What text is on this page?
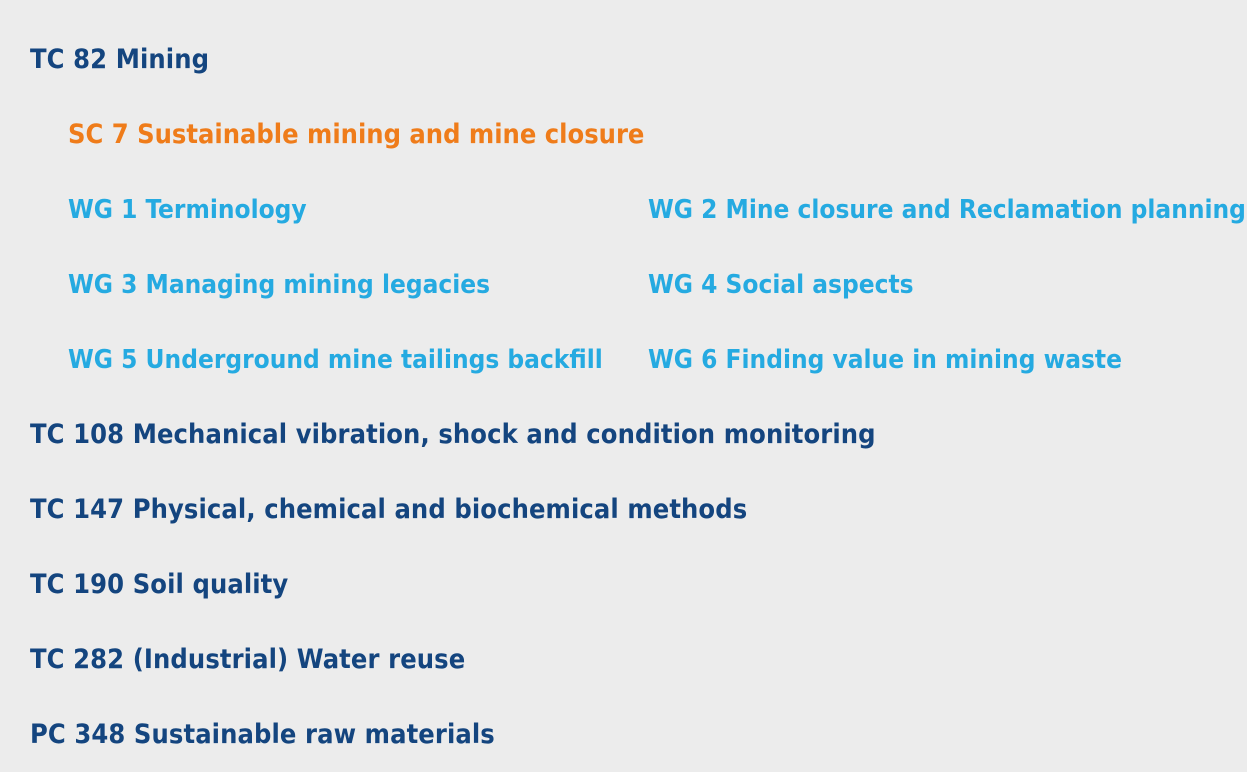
TC 82 Mining
SC 7 Sustainable mining and mine closure
WG 1 Terminology	WG 2 Mine closure and Reclamation planning
WG 3 Managing mining legacies	WG 4 Social aspects
WG 5 Underground mine tailings backfill WG 6 Finding value in mining waste
TC 108 Mechanical vibration, shock and condition monitoring
TC 147 Physical, chemical and biochemical methods
TC 190 Soil quality
TC 282 (Industrial) Water reuse
PC 348 Sustainable raw materials
